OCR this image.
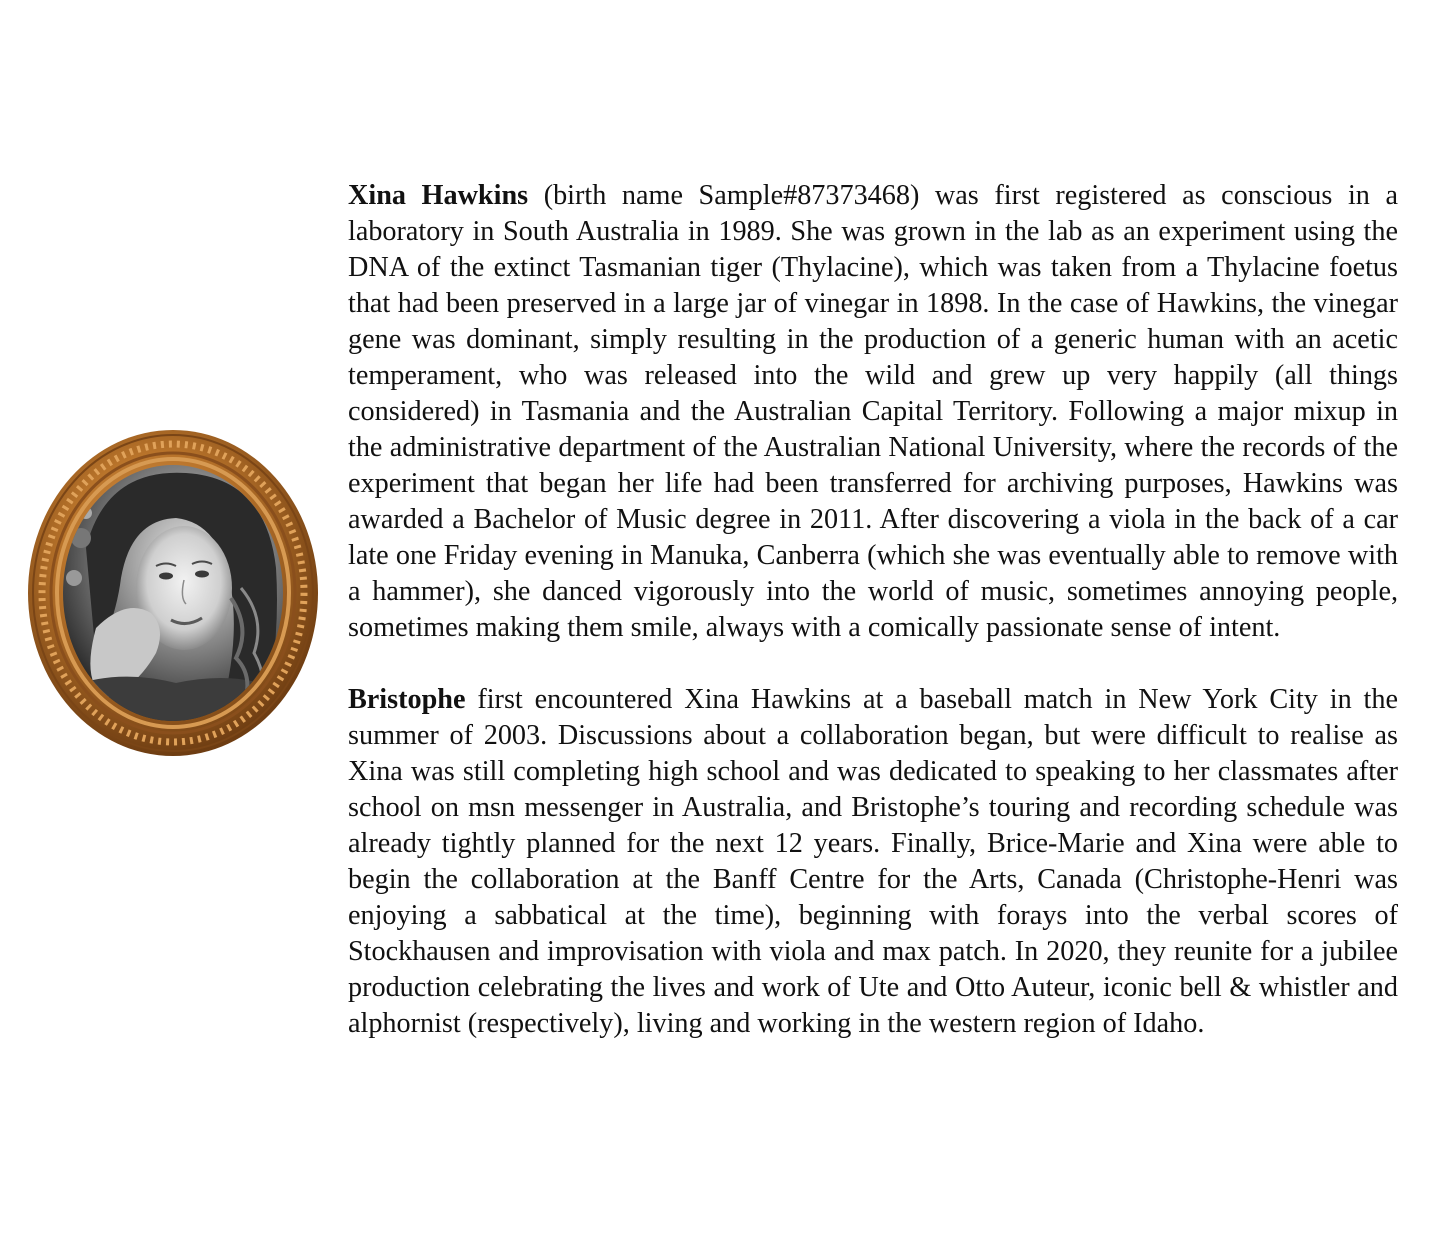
Xina Hawkins (birth name Sample#87373468) was first registered as conscious in a laboratory in South Australia in 1989. She was grown in the lab as an experiment using the DNA of the extinct Tasmanian tiger (Thylacine), which was taken from a Thylacine foetus that had been preserved in a large jar of vinegar in 1898. In the case of Hawkins, the vinegar gene was dominant, simply resulting in the production of a generic human with an acetic temperament, who was released into the wild and grew up very happily (all things considered) in Tasmania and the Australian Capital Territory. Following a major mixup in the administrative department of the Australian National University, where the records of the experiment that began her life had been transferred for archiving purposes, Hawkins was awarded a Bachelor of Music degree in 2011. After discovering a viola in the back of a car late one Friday evening in Manuka, Canberra (which she was eventually able to remove with a hammer), she danced vigorously into the world of music, sometimes annoying people, sometimes making them smile, always with a comically passionate sense of intent.

Bristophe first encountered Xina Hawkins at a baseball match in New York City in the summer of 2003. Discussions about a collaboration began, but were difficult to realise as Xina was still completing high school and was dedicated to speaking to her classmates after school on msn messenger in Australia, and Bristophe’s touring and recording schedule was already tightly planned for the next 12 years. Finally, Brice-Marie and Xina were able to begin the collaboration at the Banff Centre for the Arts, Canada (Christophe-Henri was enjoying a sabbatical at the time), beginning with forays into the verbal scores of Stockhausen and improvisation with viola and max patch. In 2020, they reunite for a jubilee production celebrating the lives and work of Ute and Otto Auteur, iconic bell & whistler and alphornist (respectively), living and working in the western region of Idaho.
